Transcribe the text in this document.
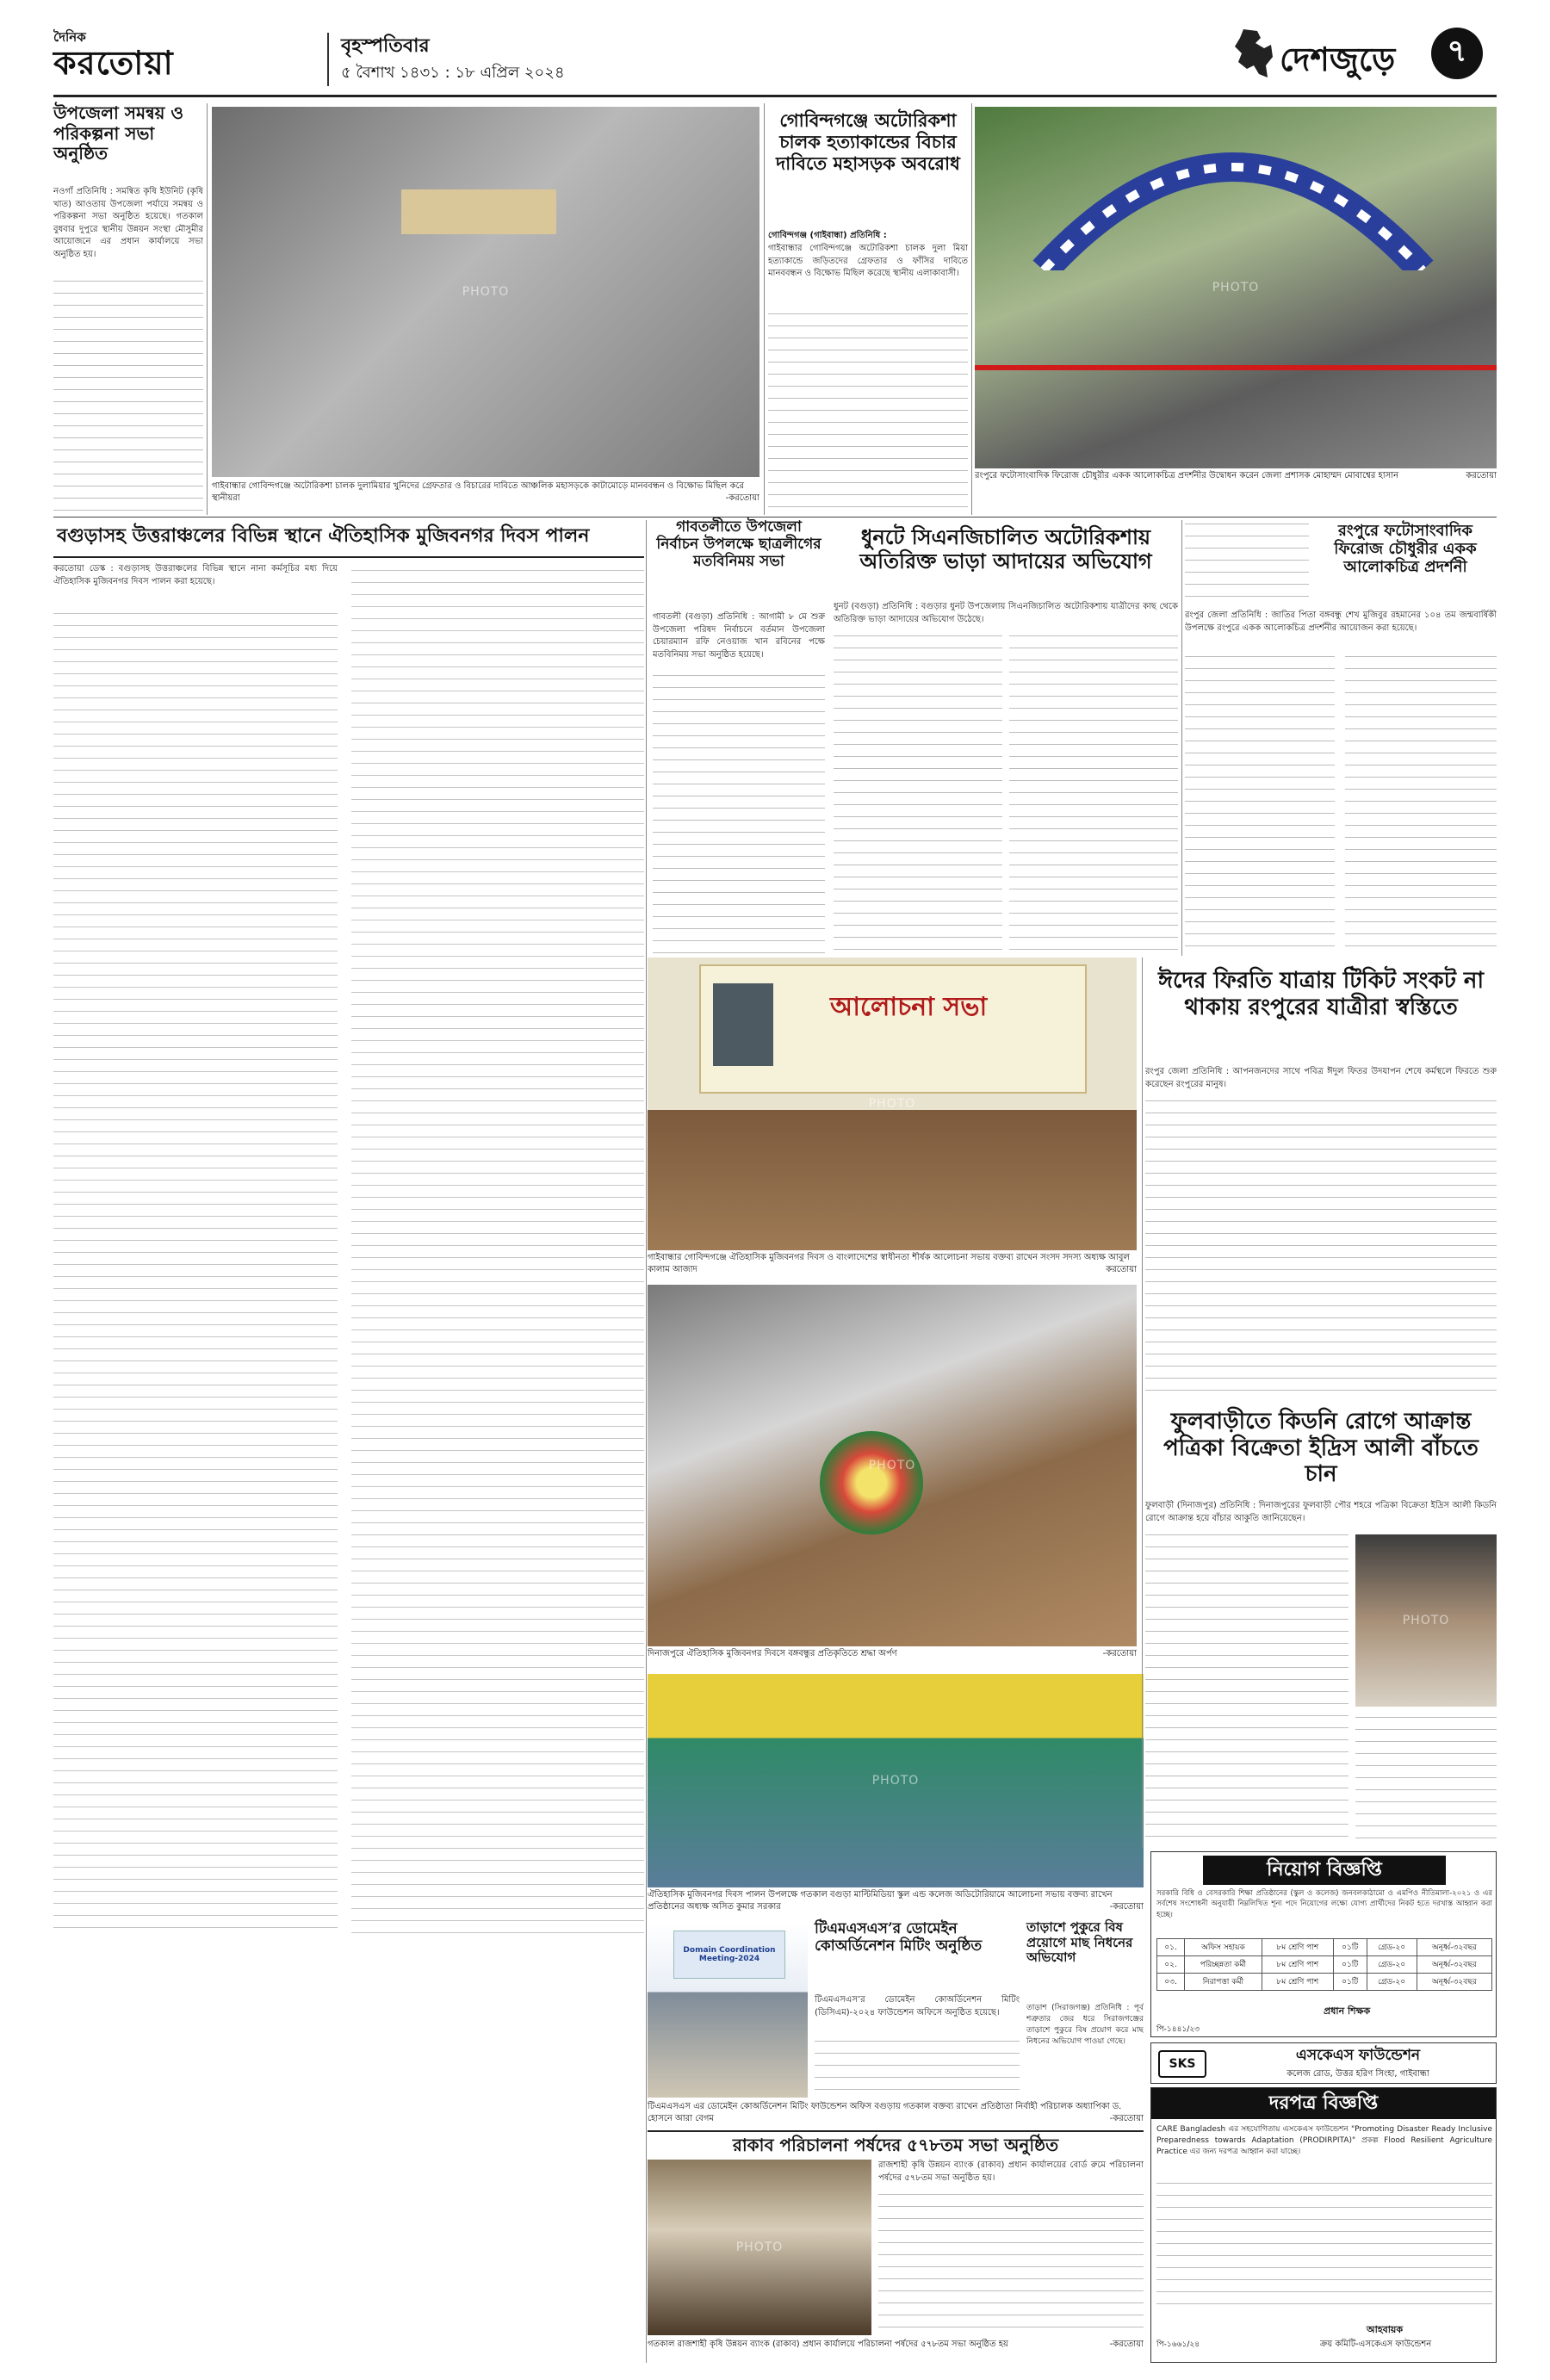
দৈনিক
করতোয়া	বৃহস্পতিবার
৫ বৈশাখ ১৪৩১ : ১৮ এপ্রিল ২০২৪	দেশজুড়ে ৭
উপজেলা সমন্বয় ও পরিকল্পনা সভা অনুষ্ঠিত
নওগাঁ প্রতিনিধি : সমন্বিত কৃষি ইউনিট (কৃষি খাত) আওতায় উপজেলা পর্যায়ে সমন্বয় ও পরিকল্পনা সভা অনুষ্ঠিত হয়েছে। গতকাল বুধবার দুপুরে স্থানীয় উন্নয়ন সংস্থা মৌসুমীর আয়োজনে এর প্রধান কার্যালয়ে সভা অনুষ্ঠিত হয়।
PHOTO
গাইবান্ধার গোবিন্দগঞ্জে অটোরিকশা চালক দুলামিয়ার খুনিদের গ্রেফতার ও বিচারের দাবিতে আঞ্চলিক মহাসড়কে কাটামোড়ে মানববন্ধন ও বিক্ষোভ মিছিল করে স্থানীয়রা	-করতোয়া
গোবিন্দগঞ্জে অটোরিকশা চালক হত্যাকান্ডের বিচার দাবিতে মহাসড়ক অবরোধ
গোবিন্দগঞ্জ (গাইবান্ধা) প্রতিনিধি :
গাইবান্ধার গোবিন্দগঞ্জে অটোরিকশা চালক দুলা মিয়া হত্যাকান্ডে জড়িতদের গ্রেফতার ও ফাঁসির দাবিতে মানববন্ধন ও বিক্ষোভ মিছিল করেছে স্থানীয় এলাকাবাসী।
PHOTO
রংপুরে ফটোসাংবাদিক ফিরোজ চৌধুরীর একক আলোকচিত্র প্রদর্শনীর উদ্বোধন করেন জেলা প্রশাসক মোহাম্মদ মোবাশ্বের হাসান	করতোয়া
বগুড়াসহ উত্তরাঞ্চলের বিভিন্ন স্থানে ঐতিহাসিক মুজিবনগর দিবস পালন
করতোয়া ডেস্ক : বগুড়াসহ উত্তরাঞ্চলের বিভিন্ন স্থানে নানা কর্মসূচির মধ্য দিয়ে ঐতিহাসিক মুজিবনগর দিবস পালন করা হয়েছে।
গাবতলীতে উপজেলা নির্বাচন উপলক্ষে ছাত্রলীগের মতবিনিময় সভা
গাবতলী (বগুড়া) প্রতিনিধি : আগামী ৮ মে শুরু উপজেলা পরিষদ নির্বাচনে বর্তমান উপজেলা চেয়ারম্যান রফি নেওয়াজ খান রবিনের পক্ষে মতবিনিময় সভা অনুষ্ঠিত হয়েছে।
ধুনটে সিএনজিচালিত অটোরিকশায় অতিরিক্ত ভাড়া আদায়ের অভিযোগ
ধুনট (বগুড়া) প্রতিনিধি : বগুড়ার ধুনট উপজেলায় সিএনজিচালিত অটোরিকশায় যাত্রীদের কাছ থেকে অতিরিক্ত ভাড়া আদায়ের অভিযোগ উঠেছে।
রংপুরে ফটোসাংবাদিক ফিরোজ চৌধুরীর একক আলোকচিত্র প্রদর্শনী
রংপুর জেলা প্রতিনিধি : জাতির পিতা বঙ্গবন্ধু শেখ মুজিবুর রহমানের ১০৪ তম জন্মবার্ষিকী উপলক্ষে রংপুরে একক আলোকচিত্র প্রদর্শনীর আয়োজন করা হয়েছে।
আলোচনা সভা
PHOTO
গাইবান্ধার গোবিন্দগঞ্জে ঐতিহাসিক মুজিবনগর দিবস ও বাংলাদেশের স্বাধীনতা শীর্ষক আলোচনা সভায় বক্তব্য রাখেন সংসদ সদস্য অধ্যক্ষ আবুল কালাম আজাদ	করতোয়া
ঈদের ফিরতি যাত্রায় টিকিট সংকট না থাকায় রংপুরের যাত্রীরা স্বস্তিতে
রংপুর জেলা প্রতিনিধি : আপনজনদের সাথে পবিত্র ঈদুল ফিতর উদযাপন শেষে কর্মস্থলে ফিরতে শুরু করেছেন রংপুরের মানুষ।
PHOTO
দিনাজপুরে ঐতিহাসিক মুজিবনগর দিবসে বঙ্গবন্ধুর প্রতিকৃতিতে শ্রদ্ধা অর্পণ	-করতোয়া
ফুলবাড়ীতে কিডনি রোগে আক্রান্ত পত্রিকা বিক্রেতা ইদ্রিস আলী বাঁচতে চান
ফুলবাড়ী (দিনাজপুর) প্রতিনিধি : দিনাজপুরের ফুলবাড়ী পৌর শহরে পত্রিকা বিক্রেতা ইদ্রিস আলী কিডনি রোগে আক্রান্ত হয়ে বাঁচার আকুতি জানিয়েছেন।
PHOTO
PHOTO
ঐতিহাসিক মুজিবনগর দিবস পালন উপলক্ষে গতকাল বগুড়া মাল্টিমিডিয়া স্কুল এন্ড কলেজ অডিটোরিয়ামে আলোচনা সভায় বক্তব্য রাখেন প্রতিষ্ঠানের অধ্যক্ষ অসিত কুমার সরকার	-করতোয়া
টিএমএসএস’র ডোমেইন কোঅর্ডিনেশন মিটিং অনুষ্ঠিত
টিএমএসএস’র ডোমেইন কোঅর্ডিনেশন মিটিং (ডিসিএম)-২০২৪ ফাউন্ডেশন অফিসে অনুষ্ঠিত হয়েছে।
Domain Coordination Meeting-2024
তাড়াশে পুকুরে বিষ প্রয়োগে মাছ নিধনের অভিযোগ
তাড়াশ (সিরাজগঞ্জ) প্রতিনিধি : পূর্ব শত্রুতার জের ধরে সিরাজগঞ্জের তাড়াশে পুকুরে বিষ প্রয়োগ করে মাছ নিধনের অভিযোগ পাওয়া গেছে।
টিএমএসএস এর ডোমেইন কোঅর্ডিনেশন মিটিং ফাউন্ডেশন অফিস বগুড়ায় গতকাল বক্তব্য রাখেন প্রতিষ্ঠাতা নির্বাহী পরিচালক অধ্যাপিকা ড. হোসনে আরা বেগম	-করতোয়া
রাকাব পরিচালনা পর্ষদের ৫৭৮তম সভা অনুষ্ঠিত
PHOTO
রাজশাহী কৃষি উন্নয়ন ব্যাংক (রাকাব) প্রধান কার্যালয়ের বোর্ড রুমে পরিচালনা পর্ষদের ৫৭৮তম সভা অনুষ্ঠিত হয়।
গতকাল রাজশাহী কৃষি উন্নয়ন ব্যাংক (রাকাব) প্রধান কার্যালয়ে পরিচালনা পর্ষদের ৫৭৮তম সভা অনুষ্ঠিত হয়	-করতোয়া
নিয়োগ বিজ্ঞপ্তি
সরকারি বিধি ও বেসরকারি শিক্ষা প্রতিষ্ঠানের (স্কুল ও কলেজ) জনবলকাঠামো ও এমপিও নীতিমালা-২০২১ ও এর সর্বশেষ সংশোধনী অনুযায়ী নিম্নলিখিত শূন্য পদে নিয়োগের লক্ষ্যে যোগ্য প্রার্থীদের নিকট হতে দরখাস্ত আহ্বান করা হচ্ছে।
০১.	অফিস সহায়ক	৮ম শ্রেণি পাশ	০১টি	গ্রেড-২০	অনূর্ধ্ব-৩২বছর
০২.	পরিচ্ছন্নতা কর্মী	৮ম শ্রেণি পাশ	০১টি	গ্রেড-২০	অনূর্ধ্ব-৩২বছর
০৩.	নিরাপত্তা কর্মী	৮ম শ্রেণি পাশ	০১টি	গ্রেড-২০	অনূর্ধ্ব-৩২বছর
প্রধান শিক্ষক
পি-১৪৪১/২৩
SKS	এসকেএস ফাউন্ডেশন
কলেজ রোড, উত্তর হরিণ সিংহা, গাইবান্ধা
দরপত্র বিজ্ঞপ্তি
CARE Bangladesh এর সহযোগিতায় এসকেএস ফাউন্ডেশন "Promoting Disaster Ready Inclusive Preparedness towards Adaptation (PRODIRPITA)" প্রকল্প Flood Resilient Agriculture Practice এর জন্য দরপত্র আহ্বান করা যাচ্ছে।
আহবায়ক
ক্রয় কমিটি-এসকেএস ফাউন্ডেশন
পি-১৬৬১/২৪
